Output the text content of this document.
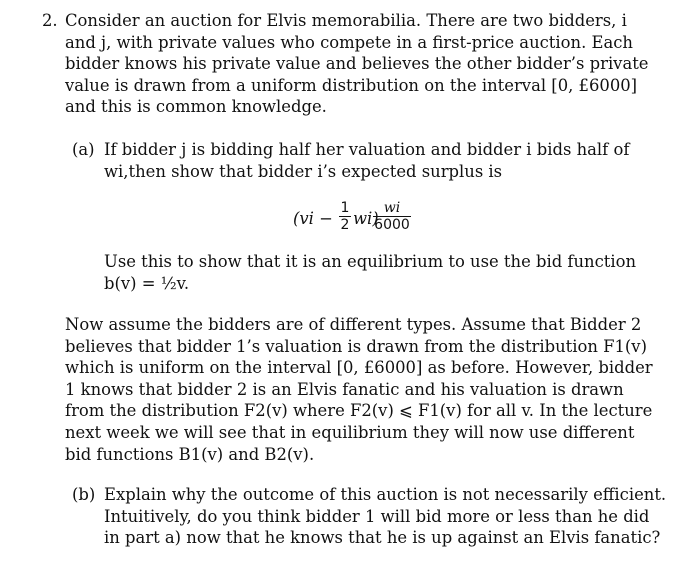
2. Consider an auction for Elvis memorabilia. There are two bidders, i
and j, with private values who compete in a first-price auction. Each
bidder knows his private value and believes the other bidder’s private
value is drawn from a uniform distribution on the interval [0, £6000]
and this is common knowledge.
(a) If bidder j is bidding half her valuation and bidder i bids half of
wi,then show that bidder i’s expected surplus is
$(vi - \frac{1}{2} wi)$
$\frac{wi}{6000}$
Use this to show that it is an equilibrium to use the bid function
b(v) = ½v.
Now assume the bidders are of different types. Assume that Bidder 2
believes that bidder 1’s valuation is drawn from the distribution F1(v)
which is uniform on the interval [0, £6000] as before. However, bidder
1 knows that bidder 2 is an Elvis fanatic and his valuation is drawn
from the distribution F2(v) where F2(v) ⩽ F1(v) for all v. In the lecture
next week we will see that in equilibrium they will now use different
bid functions B1(v) and B2(v).
(b) Explain why the outcome of this auction is not necessarily efficient.
Intuitively, do you think bidder 1 will bid more or less than he did
in part a) now that he knows that he is up against an Elvis fanatic?
